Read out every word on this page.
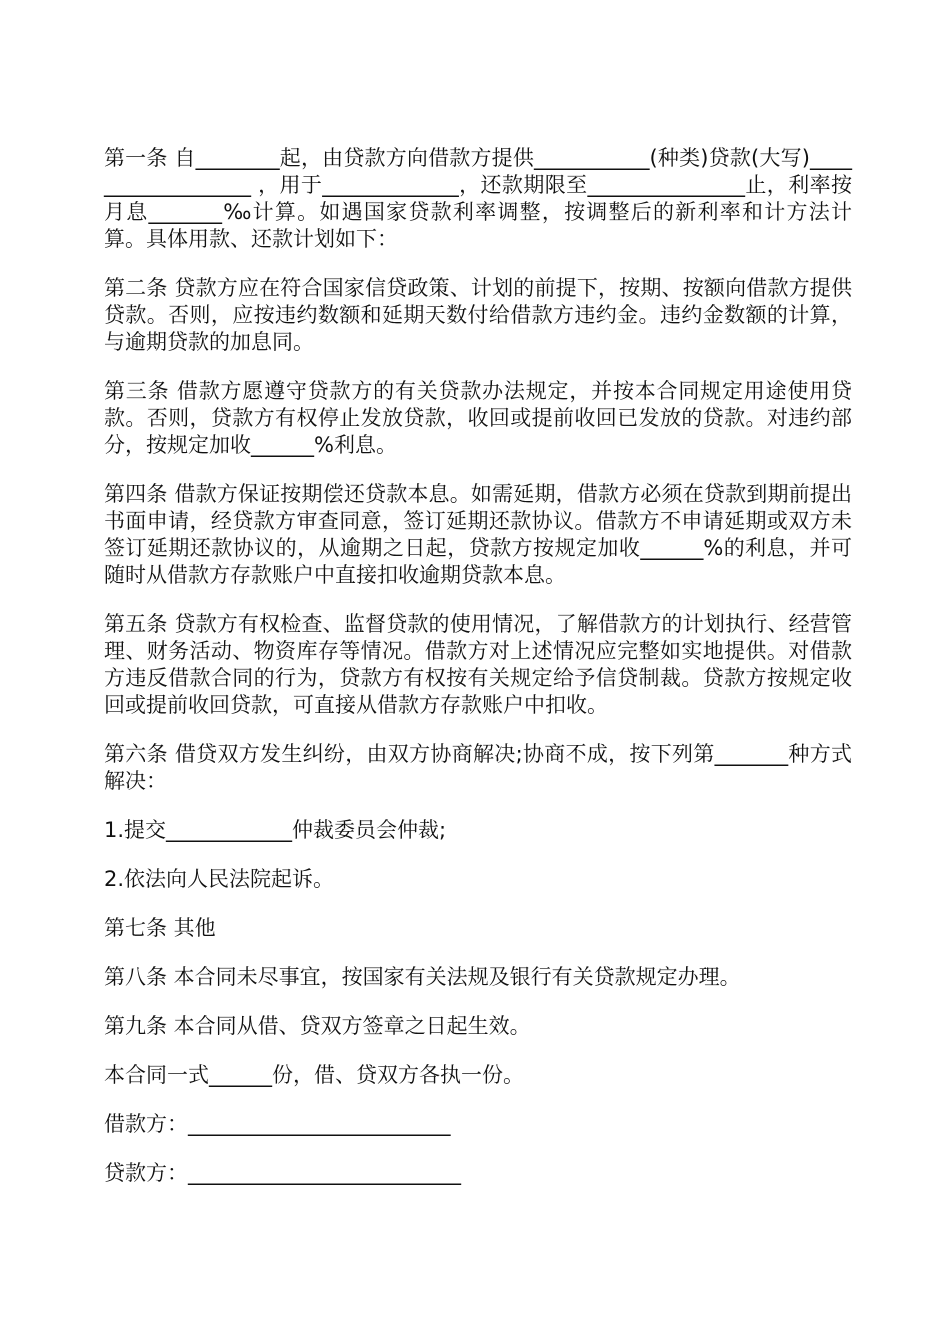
第一条 自________起，由贷款方向借款方提供___________(种类)贷款(大写)__________________ ，用于_____________，还款期限至_______________止，利率按月息_______‰计算。如遇国家贷款利率调整，按调整后的新利率和计方法计算。具体用款、还款计划如下：

第二条 贷款方应在符合国家信贷政策、计划的前提下，按期、按额向借款方提供贷款。否则，应按违约数额和延期天数付给借款方违约金。违约金数额的计算，与逾期贷款的加息同。

第三条 借款方愿遵守贷款方的有关贷款办法规定，并按本合同规定用途使用贷款。否则，贷款方有权停止发放贷款，收回或提前收回已发放的贷款。对违约部分，按规定加收______%利息。

第四条 借款方保证按期偿还贷款本息。如需延期，借款方必须在贷款到期前提出书面申请，经贷款方审查同意，签订延期还款协议。借款方不申请延期或双方未签订延期还款协议的，从逾期之日起，贷款方按规定加收______%的利息，并可随时从借款方存款账户中直接扣收逾期贷款本息。

第五条 贷款方有权检查、监督贷款的使用情况，了解借款方的计划执行、经营管理、财务活动、物资库存等情况。借款方对上述情况应完整如实地提供。对借款方违反借款合同的行为，贷款方有权按有关规定给予信贷制裁。贷款方按规定收回或提前收回贷款，可直接从借款方存款账户中扣收。

第六条 借贷双方发生纠纷，由双方协商解决;协商不成，按下列第_______种方式解决：

1.提交____________仲裁委员会仲裁;

2.依法向人民法院起诉。

第七条 其他

第八条 本合同未尽事宜，按国家有关法规及银行有关贷款规定办理。

第九条 本合同从借、贷双方签章之日起生效。

本合同一式______份，借、贷双方各执一份。

借款方：_________________________

贷款方：__________________________
